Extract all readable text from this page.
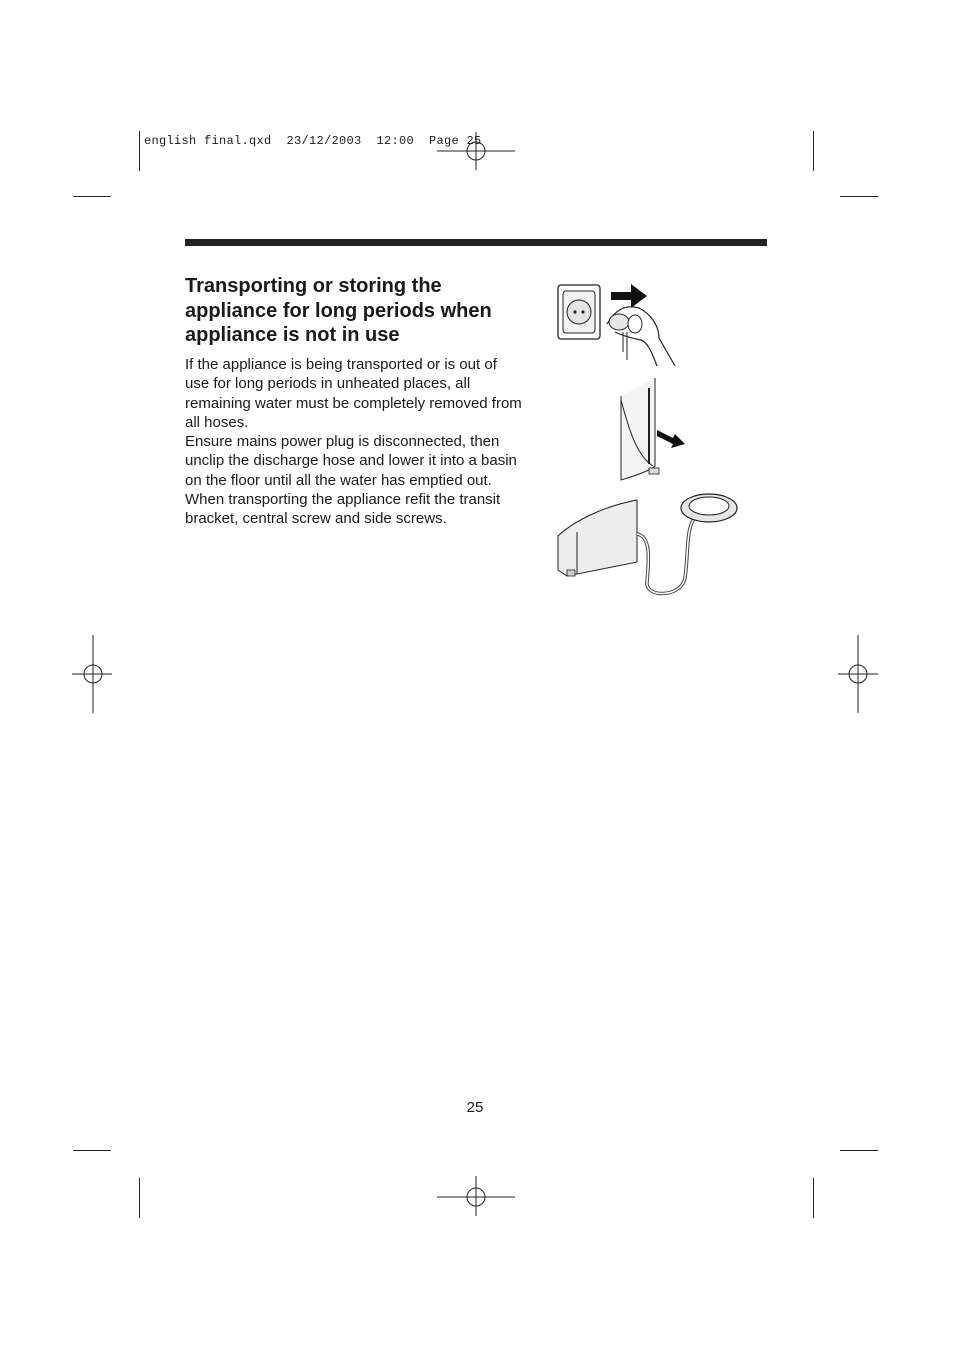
english final.qxd  23/12/2003  12:00  Page 25
Transporting or storing the appliance for long periods when appliance is not in use

If the appliance is being transported or is out of use for long periods in unheated places, all remaining water must be completely removed from all hoses.

Ensure mains power plug is disconnected, then unclip the discharge hose and lower it into a basin on the floor until all the water has emptied out.

When transporting the appliance refit the transit bracket, central screw and side screws.

25
